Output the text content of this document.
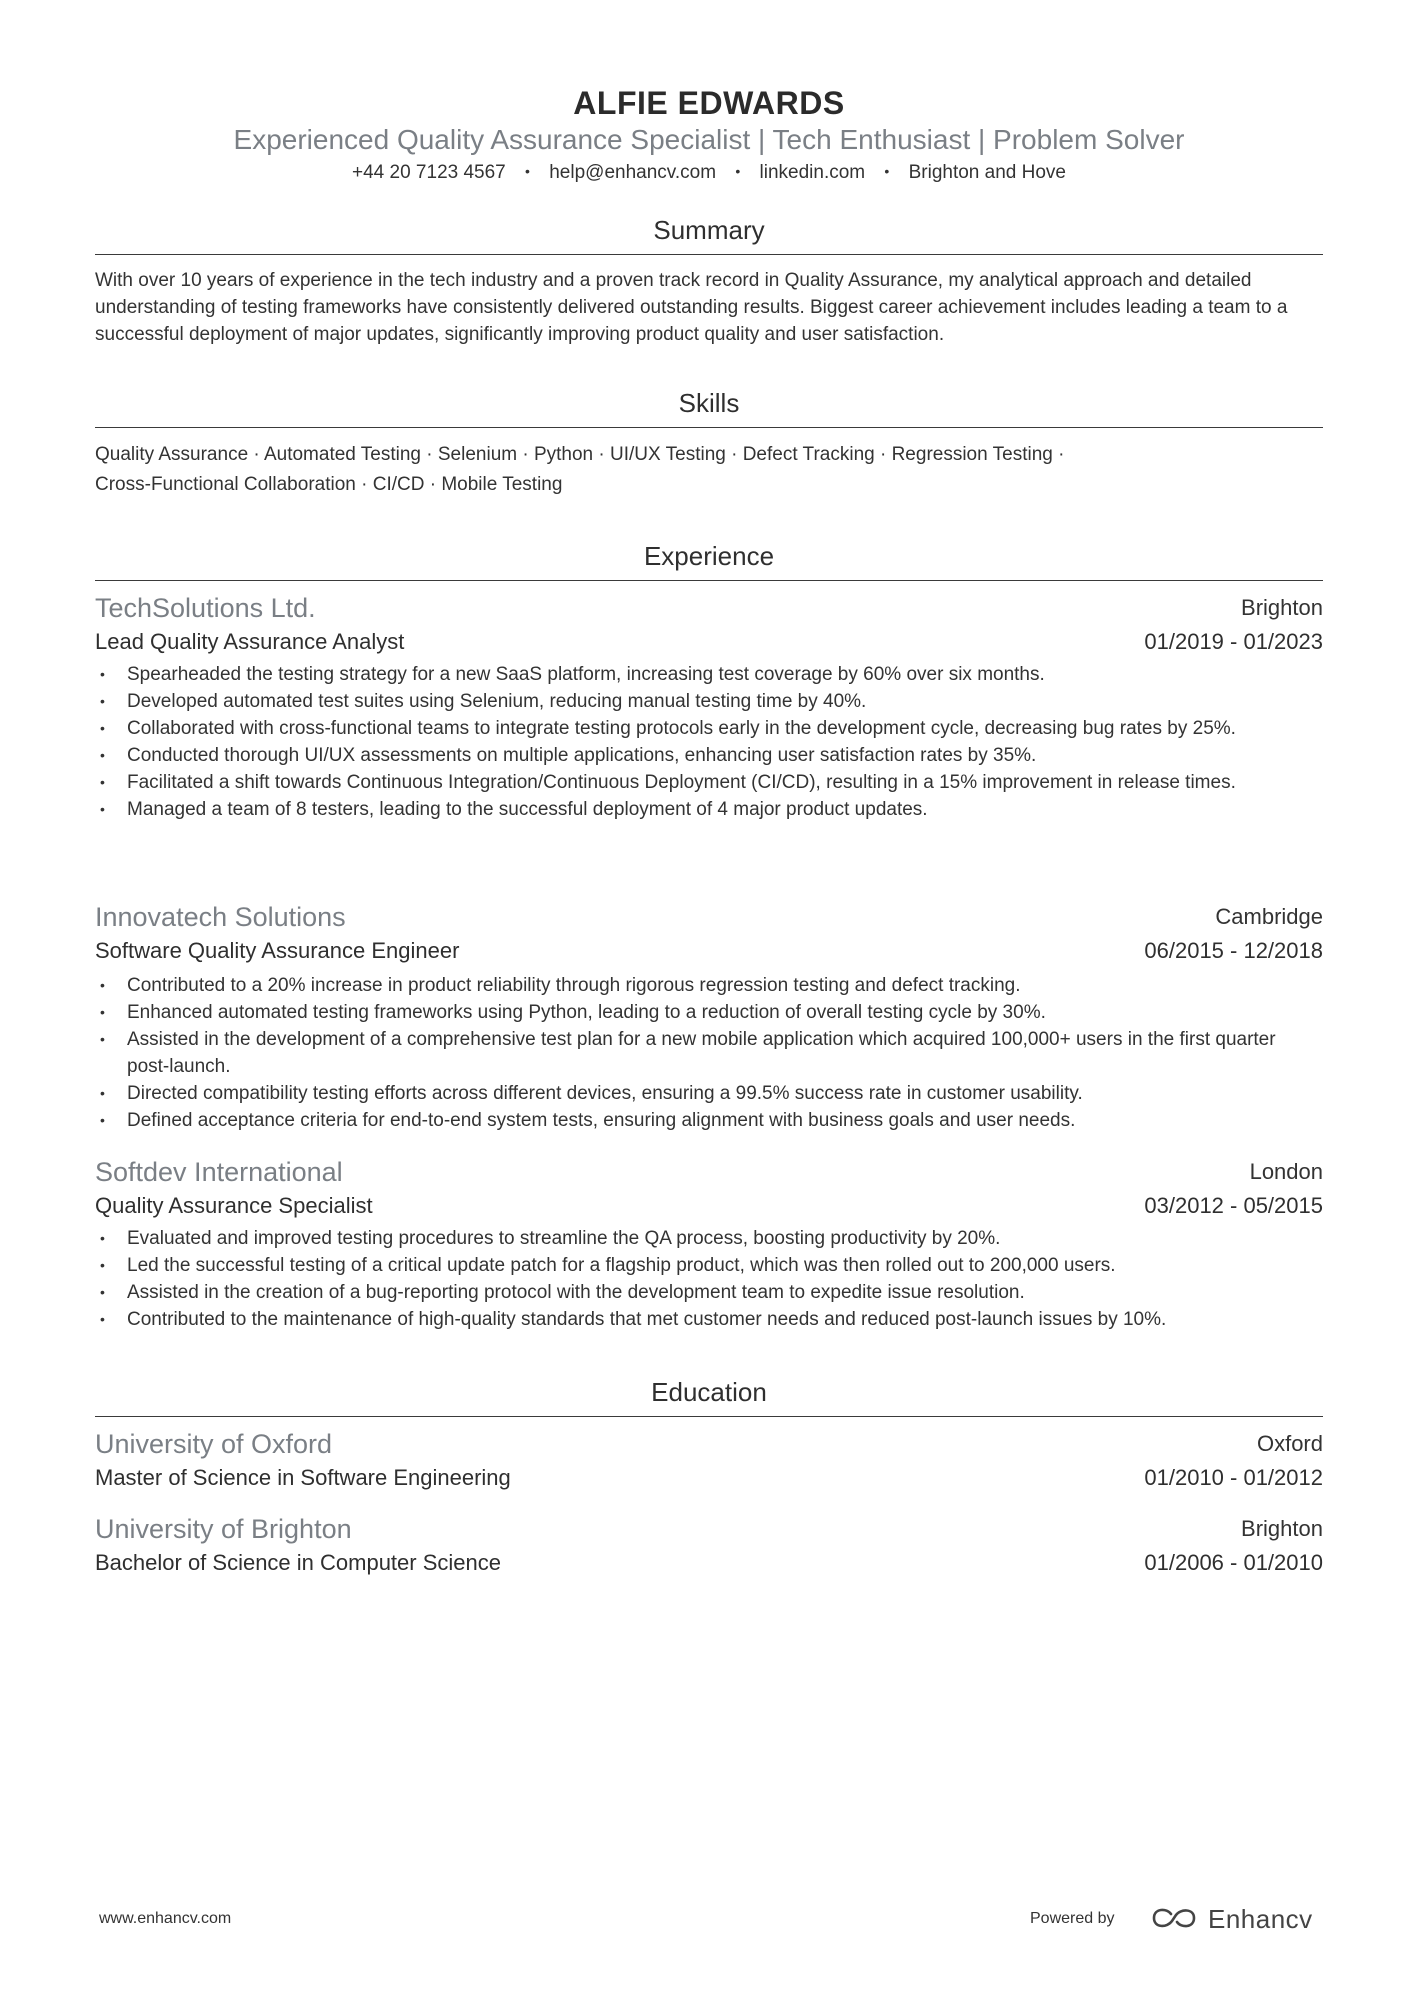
ALFIE EDWARDS
Experienced Quality Assurance Specialist | Tech Enthusiast | Problem Solver
+44 20 7123 4567 • help@enhancv.com • linkedin.com • Brighton and Hove
Summary
With over 10 years of experience in the tech industry and a proven track record in Quality Assurance, my analytical approach and detailed understanding of testing frameworks have consistently delivered outstanding results. Biggest career achievement includes leading a team to a successful deployment of major updates, significantly improving product quality and user satisfaction.
Skills
Quality Assurance · Automated Testing · Selenium · Python · UI/UX Testing · Defect Tracking · Regression Testing ·
Cross-Functional Collaboration · CI/CD · Mobile Testing
Experience
TechSolutions Ltd.	Brighton
Lead Quality Assurance Analyst	01/2019 - 01/2023
• Spearheaded the testing strategy for a new SaaS platform, increasing test coverage by 60% over six months.
• Developed automated test suites using Selenium, reducing manual testing time by 40%.
• Collaborated with cross-functional teams to integrate testing protocols early in the development cycle, decreasing bug rates by 25%.
• Conducted thorough UI/UX assessments on multiple applications, enhancing user satisfaction rates by 35%.
• Facilitated a shift towards Continuous Integration/Continuous Deployment (CI/CD), resulting in a 15% improvement in release times.
• Managed a team of 8 testers, leading to the successful deployment of 4 major product updates.
Innovatech Solutions	Cambridge
Software Quality Assurance Engineer	06/2015 - 12/2018
• Contributed to a 20% increase in product reliability through rigorous regression testing and defect tracking.
• Enhanced automated testing frameworks using Python, leading to a reduction of overall testing cycle by 30%.
• Assisted in the development of a comprehensive test plan for a new mobile application which acquired 100,000+ users in the first quarter post-launch.
• Directed compatibility testing efforts across different devices, ensuring a 99.5% success rate in customer usability.
• Defined acceptance criteria for end-to-end system tests, ensuring alignment with business goals and user needs.
Softdev International	London
Quality Assurance Specialist	03/2012 - 05/2015
• Evaluated and improved testing procedures to streamline the QA process, boosting productivity by 20%.
• Led the successful testing of a critical update patch for a flagship product, which was then rolled out to 200,000 users.
• Assisted in the creation of a bug-reporting protocol with the development team to expedite issue resolution.
• Contributed to the maintenance of high-quality standards that met customer needs and reduced post-launch issues by 10%.
Education
University of Oxford	Oxford
Master of Science in Software Engineering	01/2010 - 01/2012
University of Brighton	Brighton
Bachelor of Science in Computer Science	01/2006 - 01/2010
www.enhancv.com	Powered by	Enhancv
